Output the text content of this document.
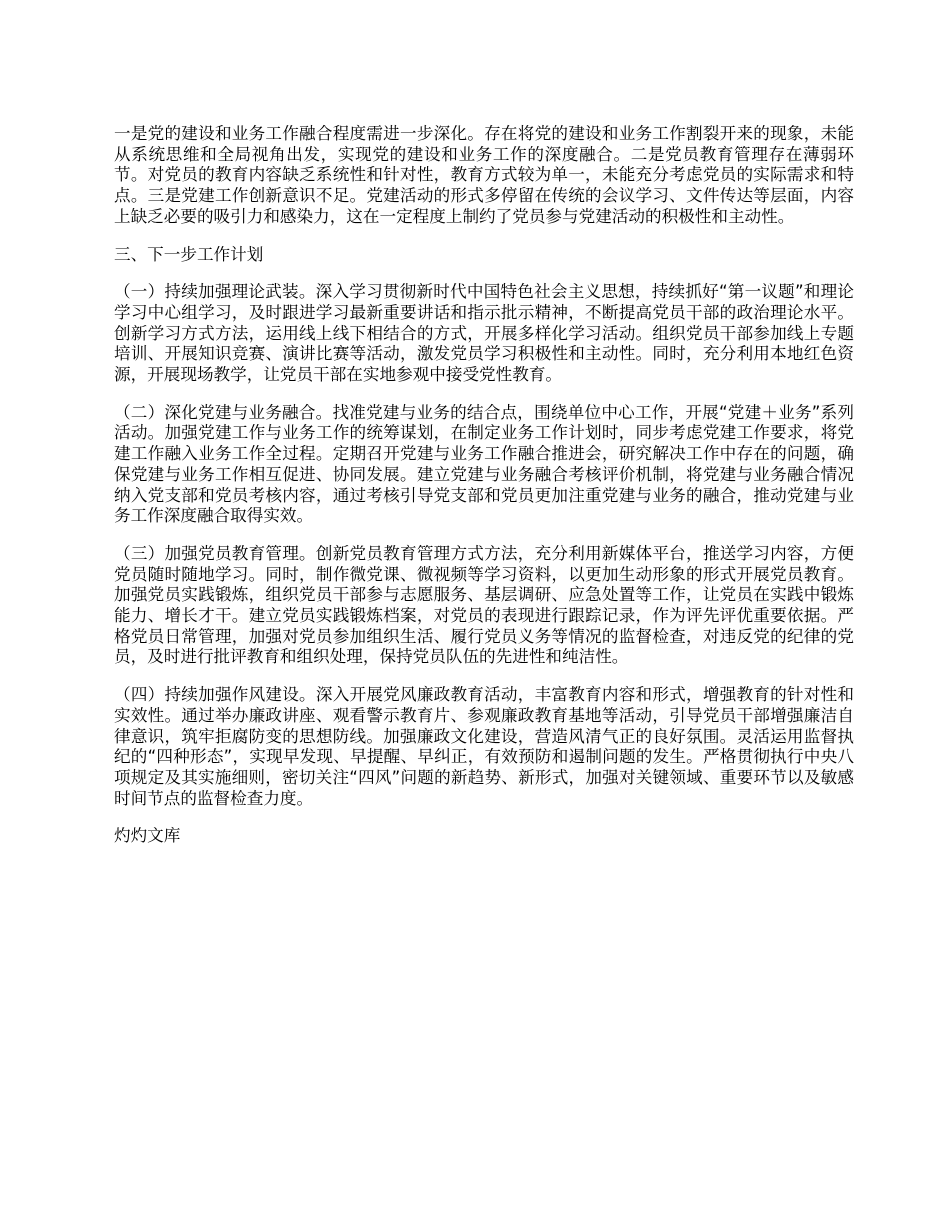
一是党的建设和业务工作融合程度需进一步深化。存在将党的建设和业务工作割裂开来的现象，未能从系统思维和全局视角出发，实现党的建设和业务工作的深度融合。二是党员教育管理存在薄弱环节。对党员的教育内容缺乏系统性和针对性，教育方式较为单一，未能充分考虑党员的实际需求和特点。三是党建工作创新意识不足。党建活动的形式多停留在传统的会议学习、文件传达等层面，内容上缺乏必要的吸引力和感染力，这在一定程度上制约了党员参与党建活动的积极性和主动性。

三、下一步工作计划

（一）持续加强理论武装。深入学习贯彻新时代中国特色社会主义思想，持续抓好“第一议题”和理论学习中心组学习，及时跟进学习最新重要讲话和指示批示精神，不断提高党员干部的政治理论水平。创新学习方式方法，运用线上线下相结合的方式，开展多样化学习活动。组织党员干部参加线上专题培训、开展知识竞赛、演讲比赛等活动，激发党员学习积极性和主动性。同时，充分利用本地红色资源，开展现场教学，让党员干部在实地参观中接受党性教育。

（二）深化党建与业务融合。找准党建与业务的结合点，围绕单位中心工作，开展“党建＋业务”系列活动。加强党建工作与业务工作的统筹谋划，在制定业务工作计划时，同步考虑党建工作要求，将党建工作融入业务工作全过程。定期召开党建与业务工作融合推进会，研究解决工作中存在的问题，确保党建与业务工作相互促进、协同发展。建立党建与业务融合考核评价机制，将党建与业务融合情况纳入党支部和党员考核内容，通过考核引导党支部和党员更加注重党建与业务的融合，推动党建与业务工作深度融合取得实效。

（三）加强党员教育管理。创新党员教育管理方式方法，充分利用新媒体平台，推送学习内容，方便党员随时随地学习。同时，制作微党课、微视频等学习资料，以更加生动形象的形式开展党员教育。加强党员实践锻炼，组织党员干部参与志愿服务、基层调研、应急处置等工作，让党员在实践中锻炼能力、增长才干。建立党员实践锻炼档案，对党员的表现进行跟踪记录，作为评先评优重要依据。严格党员日常管理，加强对党员参加组织生活、履行党员义务等情况的监督检查，对违反党的纪律的党员，及时进行批评教育和组织处理，保持党员队伍的先进性和纯洁性。

（四）持续加强作风建设。深入开展党风廉政教育活动，丰富教育内容和形式，增强教育的针对性和实效性。通过举办廉政讲座、观看警示教育片、参观廉政教育基地等活动，引导党员干部增强廉洁自律意识，筑牢拒腐防变的思想防线。加强廉政文化建设，营造风清气正的良好氛围。灵活运用监督执纪的“四种形态”，实现早发现、早提醒、早纠正，有效预防和遏制问题的发生。严格贯彻执行中央八项规定及其实施细则，密切关注“四风”问题的新趋势、新形式，加强对关键领域、重要环节以及敏感时间节点的监督检查力度。

灼灼文库
